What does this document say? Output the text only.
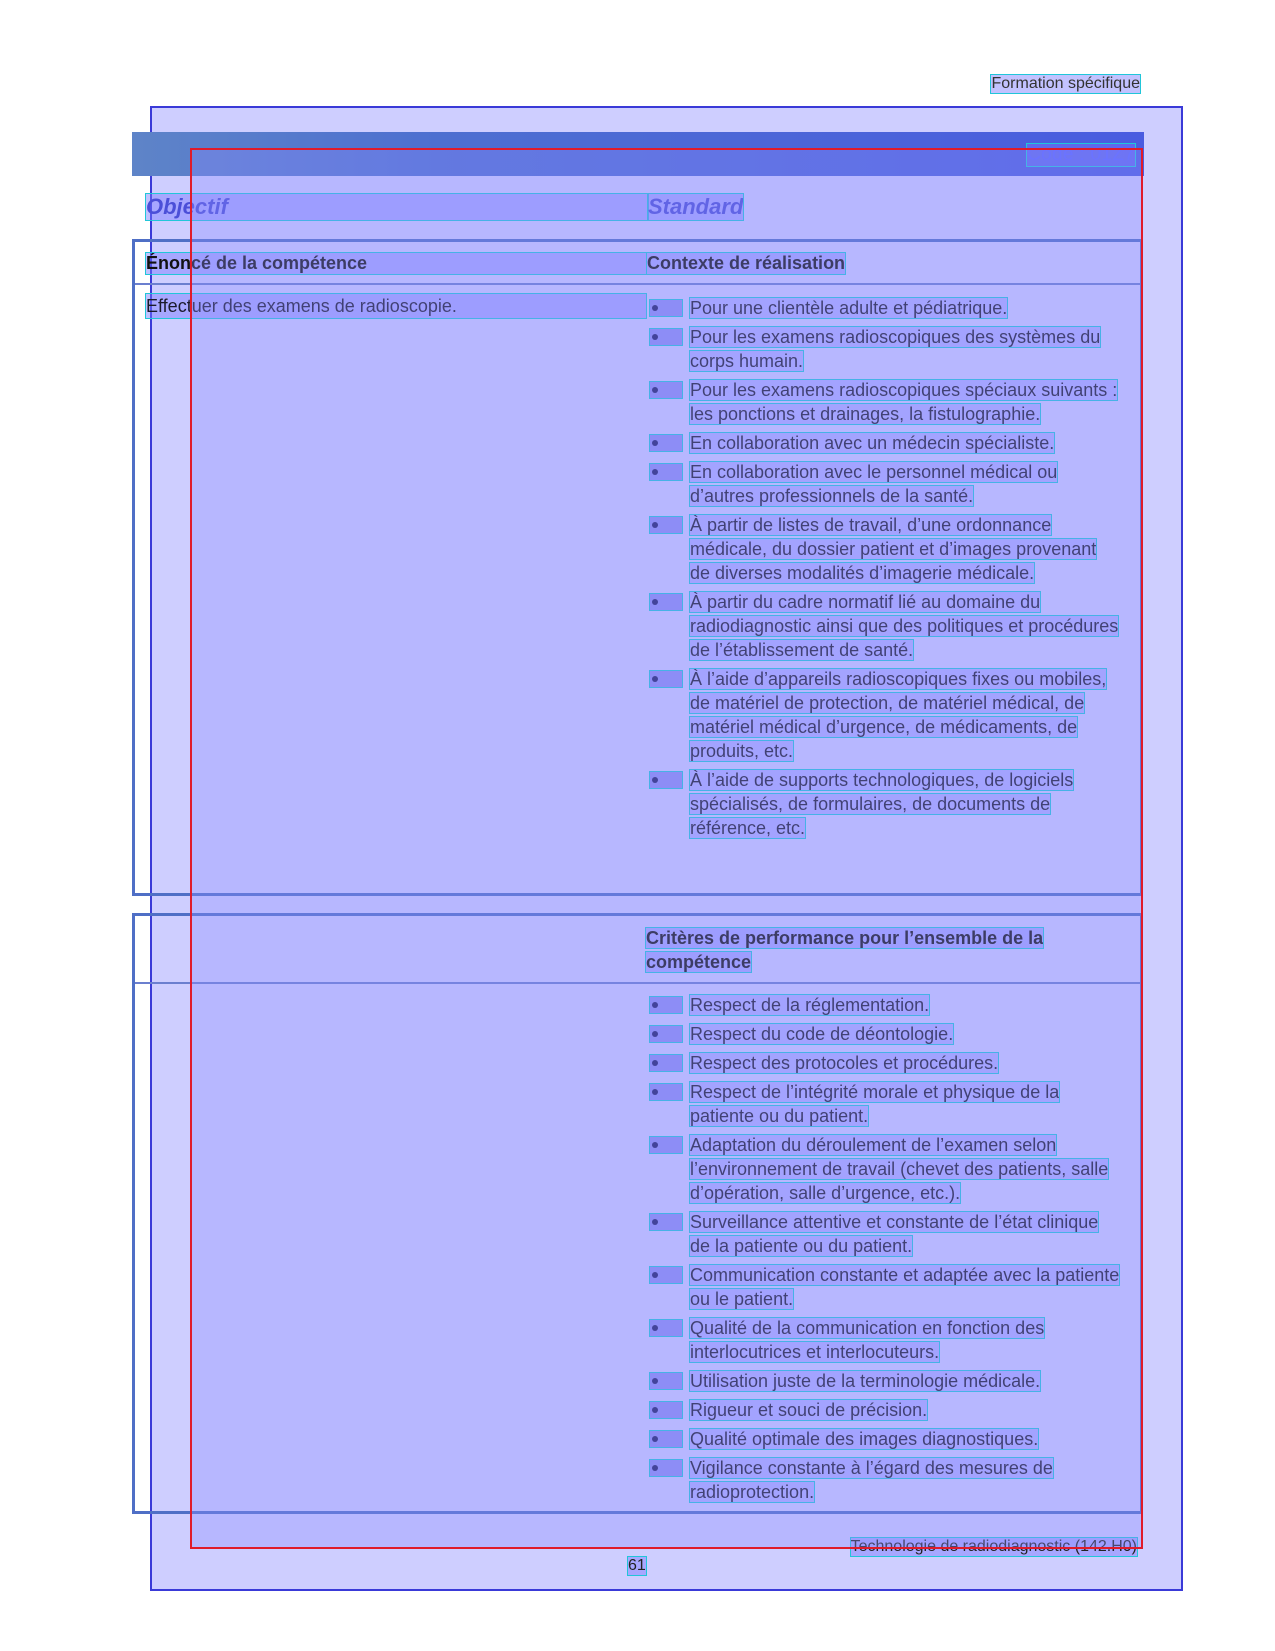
Formation spécifique
Code : 01Z7
Objectif	Standard
Énoncé de la compétence	Contexte de réalisation
Effectuer des examens de radioscopie.	Pour une clientèle adulte et pédiatrique.
Pour les examens radioscopiques des systèmes du corps humain.
Pour les examens radioscopiques spéciaux suivants : les ponctions et drainages, la fistulographie.
En collaboration avec un médecin spécialiste.
En collaboration avec le personnel médical ou d’autres professionnels de la santé.
À partir de listes de travail, d’une ordonnance médicale, du dossier patient et d’images provenant de diverses modalités d’imagerie médicale.
À partir du cadre normatif lié au domaine du radiodiagnostic ainsi que des politiques et procédures de l’établissement de santé.
À l’aide d’appareils radioscopiques fixes ou mobiles, de matériel de protection, de matériel médical, de matériel médical d’urgence, de médicaments, de produits, etc.
À l’aide de supports technologiques, de logiciels spécialisés, de formulaires, de documents de référence, etc.
Critères de performance pour l’ensemble de la compétence
Respect de la réglementation.
Respect du code de déontologie.
Respect des protocoles et procédures.
Respect de l’intégrité morale et physique de la patiente ou du patient.
Adaptation du déroulement de l’examen selon l’environnement de travail (chevet des patients, salle d’opération, salle d’urgence, etc.).
Surveillance attentive et constante de l’état clinique de la patiente ou du patient.
Communication constante et adaptée avec la patiente ou le patient.
Qualité de la communication en fonction des interlocutrices et interlocuteurs.
Utilisation juste de la terminologie médicale.
Rigueur et souci de précision.
Qualité optimale des images diagnostiques.
Vigilance constante à l’égard des mesures de radioprotection.
Technologie de radiodiagnostic (142.H0)
61
